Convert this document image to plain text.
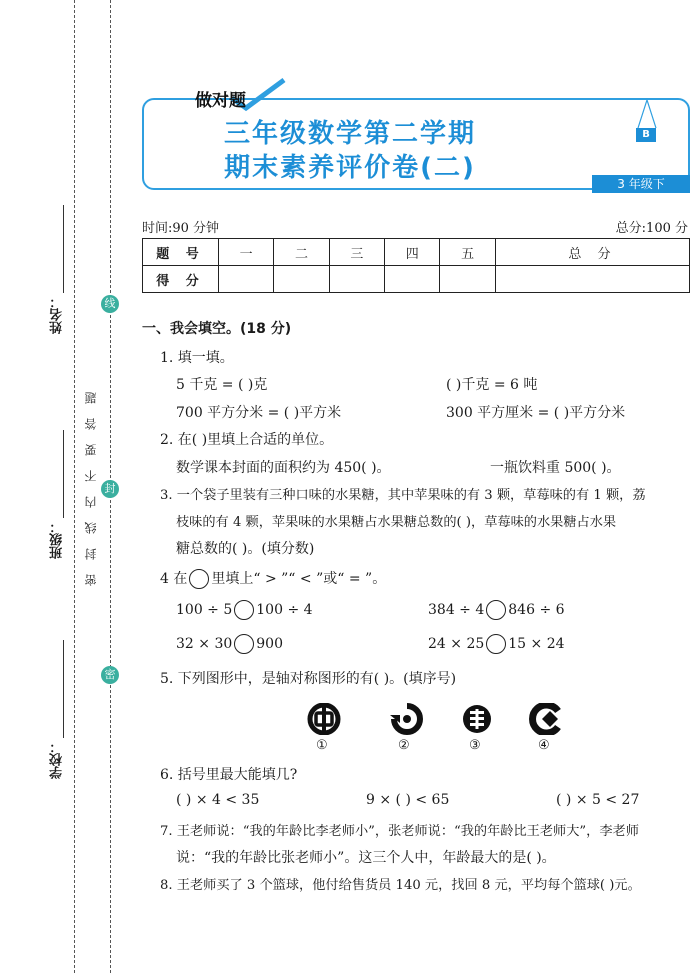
姓名：
班级：
学校：
线
封
密
密封线内不要答题
做对题
三年级数学第二学期
期末素养评价卷(二)
B
3 年级下
时间:90 分钟	总分:100 分
题 号	一	二	三	四	五	总 分
得 分						
一、我会填空。(18 分)
1. 填一填。
5 千克 = ( )克	( )千克 = 6 吨
700 平方分米 = ( )平方米	300 平方厘米 = ( )平方分米
2. 在( )里填上合适的单位。
数学课本封面的面积约为 450( )。	一瓶饮料重 500( )。
3. 一个袋子里装有三种口味的水果糖，其中苹果味的有 3 颗，草莓味的有 1 颗，荔
枝味的有 4 颗，苹果味的水果糖占水果糖总数的( )，草莓味的水果糖占水果
糖总数的( )。(填分数)
4 在 里填上“ > ”“ < ”或“ = ”。
100 ÷ 5 100 ÷ 4	384 ÷ 4 846 ÷ 6
32 × 30 900	24 × 25 15 × 24
5. 下列图形中，是轴对称图形的有( )。(填序号)
①	②	③	④
6. 括号里最大能填几?
( ) × 4 < 35	9 × ( ) < 65	( ) × 5 < 27
7. 王老师说：“我的年龄比李老师小”，张老师说：“我的年龄比王老师大”，李老师
说：“我的年龄比张老师小”。这三个人中，年龄最大的是( )。
8. 王老师买了 3 个篮球，他付给售货员 140 元，找回 8 元，平均每个篮球( )元。
